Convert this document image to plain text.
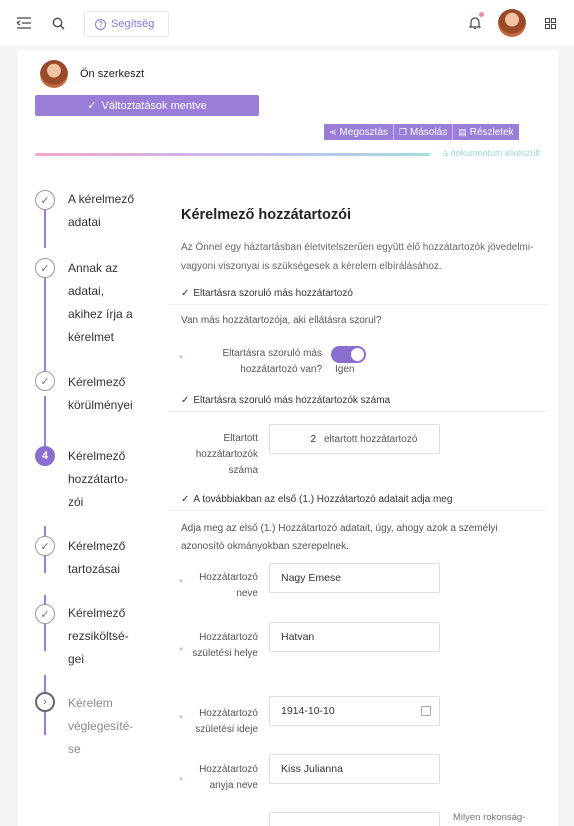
? Segítség
Ön szerkeszt
✓ Változtatások mentve
⋖ Megosztás ❐ Másolás ▤ Részletek
a dokumentum elkészült
✓	A kérelmező
adatai
✓	Annak az
adatai,
akihez írja a
kérelmet
✓	Kérelmező
körülményei
4	Kérelmező
hozzátarto-
zói
✓	Kérelmező
tartozásai
✓	Kérelmező
rezsiköltsé-
gei
›	Kérelem
véglegesíté-
se
Kérelmező hozzátartozói
Az Önnel egy háztartásban életvitelszerűen együtt élő hozzátartozók jövedelmi-vagyoni viszonyai is szükségesek a kérelem elbírálásához.
✓ Eltartásra szoruló más hozzátartozó
Van más hozzátartozója, aki ellátásra szorul?
*
Eltartásra szoruló más hozzátartozó van? Igen
✓ Eltartásra szoruló más hozzátartozók száma
Eltartott hozzátartozók száma
2 eltartott hozzátartozó
✓ A továbbiakban az első (1.) Hozzátartozó adatait adja meg
Adja meg az első (1.) Hozzátartozó adatait, úgy, ahogy azok a személyi azonosító okmányokban szerepelnek.
*
Hozzátartozó neve
Nagy Emese
*
Hozzátartozó születési helye
Hatvan
*
Hozzátartozó születési ideje
1914-10-10
*
Hozzátartozó anyja neve
Kiss Julianna
Milyen rokonság-
